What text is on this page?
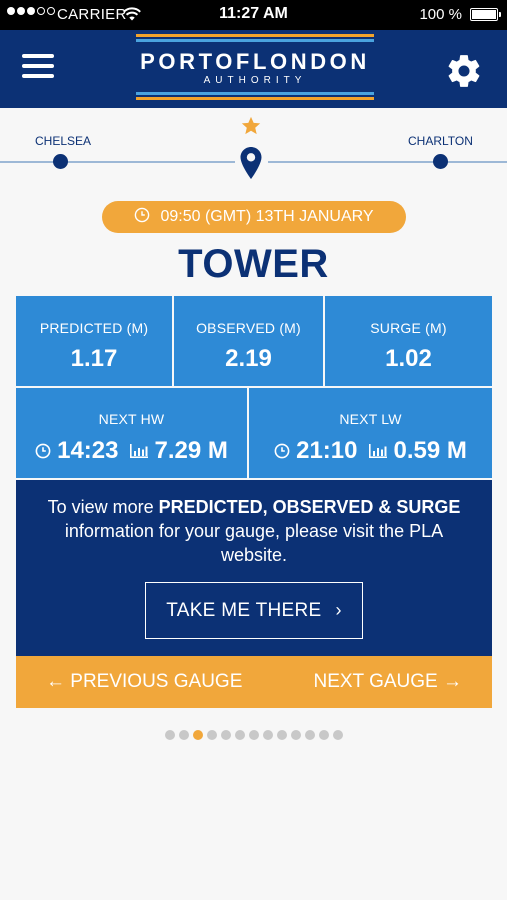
CARRIER	11:27 AM	100 %
PORTOFLONDON
AUTHORITY
CHELSEA	CHARLTON
09:50 (GMT) 13TH JANUARY
TOWER
PREDICTED (M)
1.17
OBSERVED (M)
2.19
SURGE (M)
1.02
NEXT HW
14:23 7.29 M
NEXT LW
21:10 0.59 M

To view more PREDICTED, OBSERVED & SURGE information for your gauge, please visit the PLA website.

TAKE ME THERE ›
← PREVIOUS GAUGE	NEXT GAUGE →
